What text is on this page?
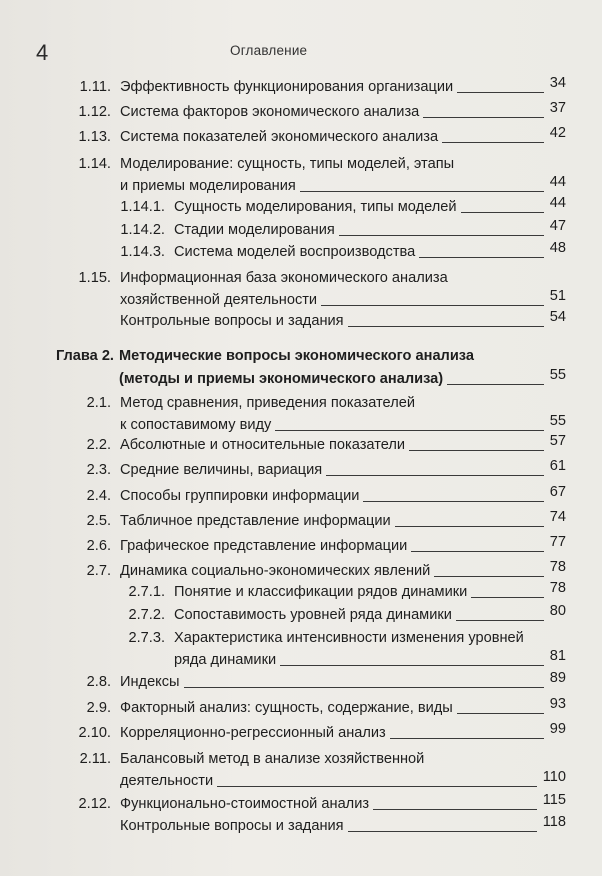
4	Оглавление
1.11. Эффективность функционирования организации	34
1.12. Система факторов экономического анализа	37
1.13. Система показателей экономического анализа	42
1.14. Моделирование: сущность, типы моделей, этапы
и приемы моделирования	44
1.14.1. Сущность моделирования, типы моделей	44
1.14.2. Стадии моделирования	47
1.14.3. Система моделей воспроизводства	48
1.15. Информационная база экономического анализа
хозяйственной деятельности	51
Контрольные вопросы и задания	54
Глава 2. Методические вопросы экономического анализа
(методы и приемы экономического анализа)	55
2.1. Метод сравнения, приведения показателей
к сопоставимому виду	55
2.2. Абсолютные и относительные показатели	57
2.3. Средние величины, вариация	61
2.4. Способы группировки информации	67
2.5. Табличное представление информации	74
2.6. Графическое представление информации	77
2.7. Динамика социально-экономических явлений	78
2.7.1. Понятие и классификации рядов динамики	78
2.7.2. Сопоставимость уровней ряда динамики	80
2.7.3. Характеристика интенсивности изменения уровней
ряда динамики	81
2.8. Индексы	89
2.9. Факторный анализ: сущность, содержание, виды	93
2.10. Корреляционно-регрессионный анализ	99
2.11. Балансовый метод в анализе хозяйственной
деятельности	110
2.12. Функционально-стоимостной анализ	115
Контрольные вопросы и задания	118
